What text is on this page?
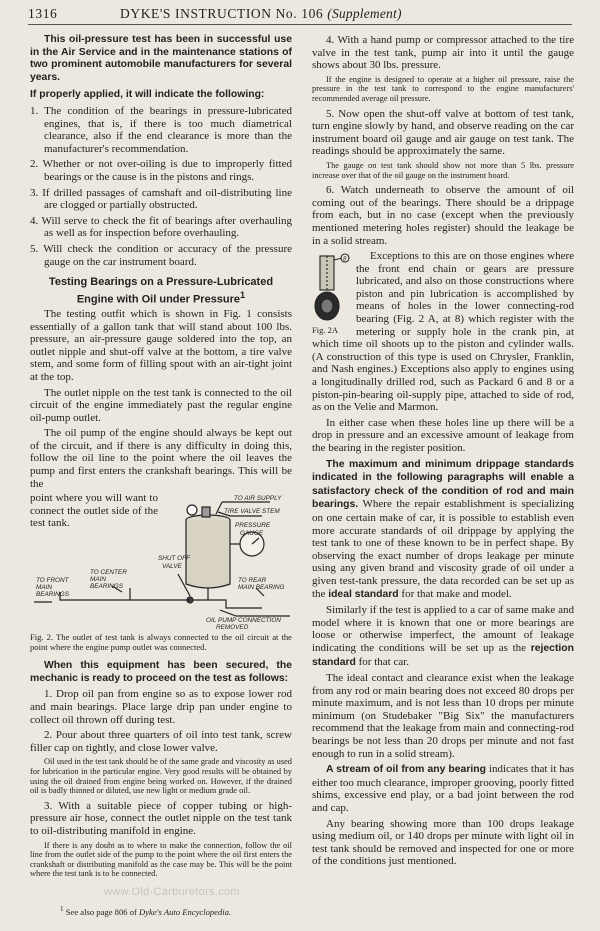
1316	DYKE'S INSTRUCTION No. 106 (Supplement)

This oil-pressure test has been in successful use in the Air Service and in the maintenance stations of two prominent automobile manufacturers for several years.

If properly applied, it will indicate the following:

1. The condition of the bearings in pressure-lubricated engines, that is, if there is too much diametrical clearance, also if the end clearance is more than the manufacturer's recommendation.
2. Whether or not over-oiling is due to improperly fitted bearings or the cause is in the pistons and rings.
3. If drilled passages of camshaft and oil-distributing line are clogged or partially obstructed.
4. Will serve to check the fit of bearings after overhauling as well as for inspection before overhauling.
5. Will check the condition or accuracy of the pressure gauge on the car instrument board.
Testing Bearings on a Pressure-Lubricated Engine with Oil under Pressure$^1$

The testing outfit which is shown in Fig. 1 consists essentially of a gallon tank that will stand about 100 lbs. pressure, an air-pressure gauge soldered into the top, an outlet nipple and shut-off valve at the bottom, a tire valve stem, and some form of filling spout with an air-tight joint at the top.

The outlet nipple on the test tank is connected to the oil circuit of the engine immediately past the regular engine oil-pump outlet.

The oil pump of the engine should always be kept out of the circuit, and if there is any difficulty in doing this, follow the oil line to the point where the oil leaves the pump and first enters the crankshaft bearings. This will be the

point where you will want to connect the outlet side of the test tank.
TO AIR SUPPLY
TIRE VALVE STEM
SHUT OFF
VALVE
PRESSURE
GAUGE
TO FRONT
MAIN
BEARINGS
TO CENTER
MAIN
BEARINGS
TO REAR
MAIN BEARING
OIL PUMP CONNECTION
REMOVED

Fig. 2. The outlet of test tank is always connected to the oil circuit at the point where the engine pump outlet was connected.

When this equipment has been secured, the mechanic is ready to proceed on the test as follows:

1. Drop oil pan from engine so as to expose lower rod and main bearings. Place large drip pan under engine to collect oil thrown off during test.

2. Pour about three quarters of oil into test tank, screw filler cap on tightly, and close lower valve.

Oil used in the test tank should be of the same grade and viscosity as used for lubrication in the particular engine. Very good results will be obtained by using the oil drained from engine being worked on. However, if the drained oil is badly thinned or diluted, use new light or medium grade oil.

3. With a suitable piece of copper tubing or high-pressure air hose, connect the outlet nipple on the test tank to oil-distributing manifold in engine.

If there is any doubt as to where to make the connection, follow the oil line from the outlet side of the pump to the point where the oil first enters the crankshaft or distributing manifold as the case may be. This will be the point where the test tank is to be connected.

www.Old-Carburetors.com
$^1$ See also page 806 of Dyke's Auto Encyclopedia.

4. With a hand pump or compressor attached to the tire valve in the test tank, pump air into it until the gauge shows about 30 lbs. pressure.

If the engine is designed to operate at a higher oil pressure, raise the pressure in the test tank to correspond to the engine manufacturers' recommended average oil pressure.

5. Now open the shut-off valve at bottom of test tank, turn engine slowly by hand, and observe reading on the car instrument board oil gauge and air gauge on test tank. The readings should be approximately the same.

The gauge on test tank should show not more than 5 lbs. pressure increase over that of the oil gauge on the instrument board.

6. Watch underneath to observe the amount of oil coming out of the bearings. There should be a drippage from each, but in no case (except when the previously mentioned metering holes register) should the leakage be in a solid stream.

8
Fig. 2A

Exceptions to this are on those engines where the front end chain or gears are pressure lubricated, and also on those constructions where piston and pin lubrication is accomplished by means of holes in the lower connecting-rod bearing (Fig. 2 A, at 8) which register with the metering or supply hole in the crank pin, at which time oil shoots up to the piston and cylinder walls. (A construction of this type is used on Chrysler, Franklin, and Nash engines.) Exceptions also apply to engines using a longitudinally drilled rod, such as Packard 6 and 8 or a piston-pin-bearing oil-supply pipe, attached to side of rod, as on the Velie and Marmon.

In either case when these holes line up there will be a drop in pressure and an excessive amount of leakage from the bearing in the register position.

The maximum and minimum drippage standards indicated in the following paragraphs will enable a satisfactory check of the condition of rod and main bearings. Where the repair establishment is specializing on one certain make of car, it is possible to establish even more accurate standards of oil drippage by applying the test tank to one of these known to be in perfect shape. By observing the exact number of drops leakage per minute using any given brand and viscosity grade of oil under a given test-tank pressure, the data recorded can be set up as the ideal standard for that make and model.

Similarly if the test is applied to a car of same make and model where it is known that one or more bearings are loose or otherwise imperfect, the amount of leakage indicating the conditions will be set up as the rejection standard for that car.

The ideal contact and clearance exist when the leakage from any rod or main bearing does not exceed 80 drops per minute maximum, and is not less than 10 drops per minute minimum (on Studebaker "Big Six" the manufacturers recommend that the leakage from main and connecting-rod bearings be not less than 20 drops per minute and not fast enough to run in a solid stream).

A stream of oil from any bearing indicates that it has either too much clearance, improper grooving, poorly fitted shims, excessive end play, or a bad joint between the rod and cap.

Any bearing showing more than 100 drops leakage using medium oil, or 140 drops per minute with light oil in test tank should be removed and inspected for one or more of the conditions just mentioned.
